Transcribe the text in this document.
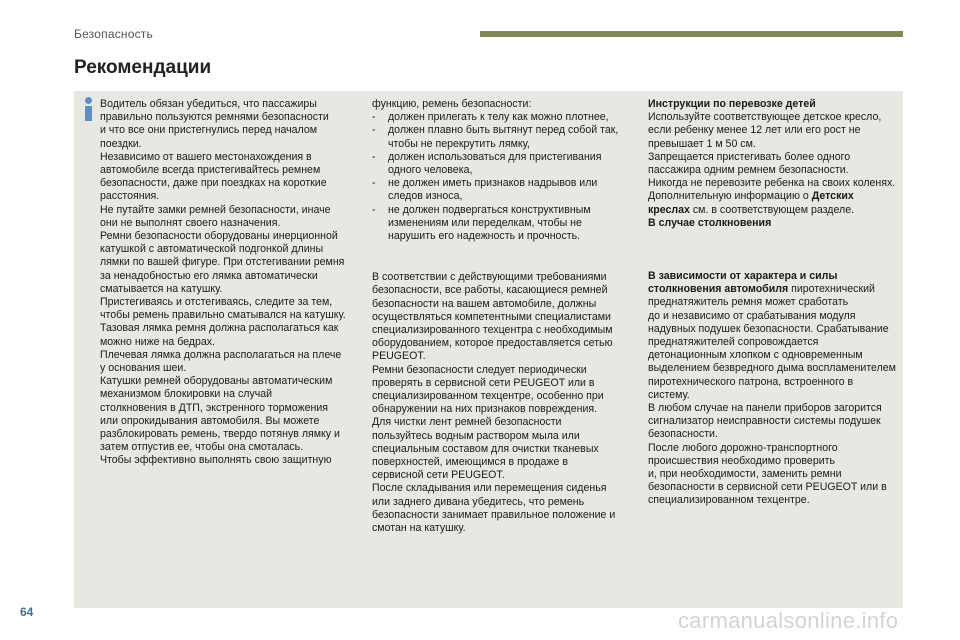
Безопасность
Рекомендации

Водитель обязан убедиться, что пассажиры
правильно пользуются ремнями безопасности
и что все они пристегнулись перед началом
поездки.
Независимо от вашего местонахождения в
автомобиле всегда пристегивайтесь ремнем
безопасности, даже при поездках на короткие
расстояния.
Не путайте замки ремней безопасности, иначе
они не выполнят своего назначения.
Ремни безопасности оборудованы инерционной
катушкой с автоматической подгонкой длины
лямки по вашей фигуре. При отстегивании ремня
за ненадобностью его лямка автоматически
сматывается на катушку.
Пристегиваясь и отстегиваясь, следите за тем,
чтобы ремень правильно сматывался на катушку.
Тазовая лямка ремня должна располагаться как
можно ниже на бедрах.
Плечевая лямка должна располагаться на плече
у основания шеи.
Катушки ремней оборудованы автоматическим
механизмом блокировки на случай
столкновения в ДТП, экстренного торможения
или опрокидывания автомобиля. Вы можете
разблокировать ремень, твердо потянув лямку и
затем отпустив ее, чтобы она смоталась.
Чтобы эффективно выполнять свою защитную

функцию, ремень безопасности:

- должен прилегать к телу как можно плотнее,
- должен плавно быть вытянут перед собой так,
чтобы не перекрутить лямку,
- должен использоваться для пристегивания
одного человека,
- не должен иметь признаков надрывов или
следов износа,
- не должен подвергаться конструктивным
изменениям или переделкам, чтобы не
нарушить его надежность и прочность.

В соответствии с действующими требованиями
безопасности, все работы, касающиеся ремней
безопасности на вашем автомобиле, должны
осуществляться компетентными специалистами
специализированного техцентра с необходимым
оборудованием, которое предоставляется сетью
PEUGEOT.
Ремни безопасности следует периодически
проверять в сервисной сети PEUGEOT или в
специализированном техцентре, особенно при
обнаружении на них признаков повреждения.
Для чистки лент ремней безопасности
пользуйтесь водным раствором мыла или
специальным составом для очистки тканевых
поверхностей, имеющимся в продаже в
сервисной сети PEUGEOT.
После складывания или перемещения сиденья
или заднего дивана убедитесь, что ремень
безопасности занимает правильное положение и
смотан на катушку.

Инструкции по перевозке детей
Используйте соответствующее детское кресло,
если ребенку менее 12 лет или его рост не
превышает 1 м 50 см.
Запрещается пристегивать более одного
пассажира одним ремнем безопасности.
Никогда не перевозите ребенка на своих коленях.
Дополнительную информацию о Детских
креслах см. в соответствующем разделе.
В случае столкновения

В зависимости от характера и силы
столкновения автомобиля пиротехнический
преднатяжитель ремня может сработать
до и независимо от срабатывания модуля
надувных подушек безопасности. Срабатывание
преднатяжителей сопровождается
детонационным хлопком с одновременным
выделением безвредного дыма воспламенителем
пиротехнического патрона, встроенного в
систему.
В любом случае на панели приборов загорится
сигнализатор неисправности системы подушек
безопасности.
После любого дорожно-транспортного
происшествия необходимо проверить
и, при необходимости, заменить ремни
безопасности в сервисной сети PEUGEOT или в
специализированном техцентре.

64	carmanualsonline.info
